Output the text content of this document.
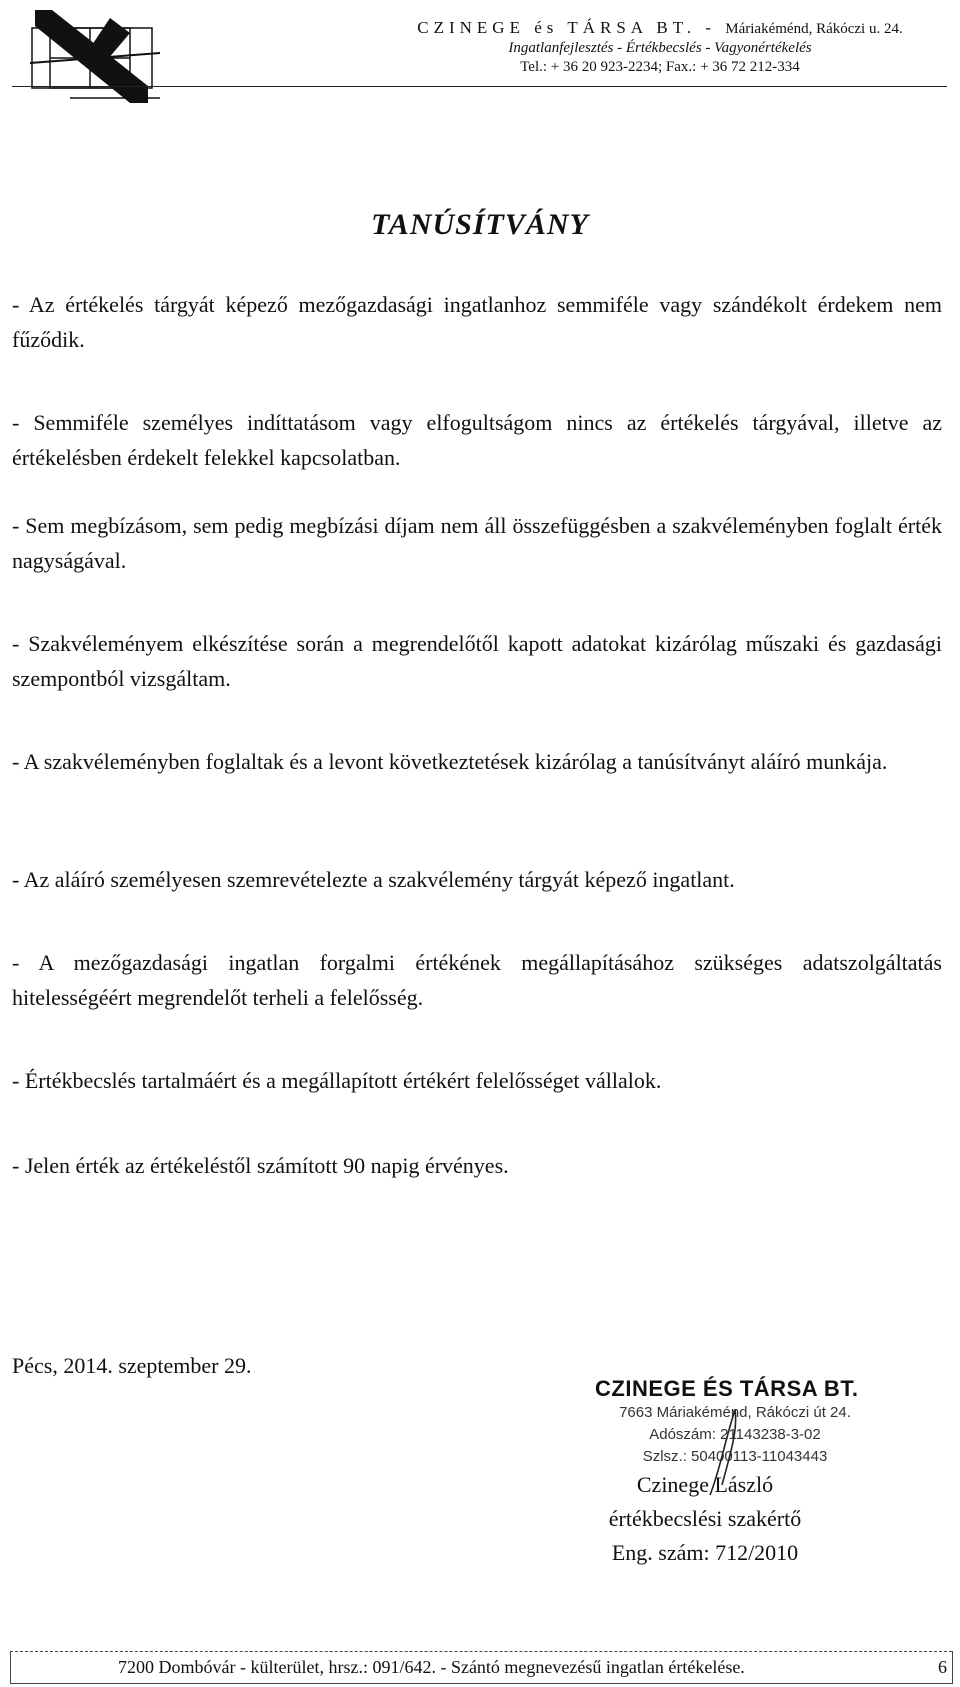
CZINEGE és TÁRSA BT. - Máriakéménd, Rákóczi u. 24.
Ingatlanfejlesztés - Értékbecslés - Vagyonértékelés
Tel.: + 36 20 923-2234; Fax.: + 36 72 212-334
TANÚSÍTVÁNY
- Az értékelés tárgyát képező mezőgazdasági ingatlanhoz semmiféle vagy szándékolt érdekem nem fűződik.
- Semmiféle személyes indíttatásom vagy elfogultságom nincs az értékelés tárgyával, illetve az értékelésben érdekelt felekkel kapcsolatban.
- Sem megbízásom, sem pedig megbízási díjam nem áll összefüggésben a szakvéleményben foglalt érték nagyságával.
- Szakvéleményem elkészítése során a megrendelőtől kapott adatokat kizárólag műszaki és gazdasági szempontból vizsgáltam.
- A szakvéleményben foglaltak és a levont következtetések kizárólag a tanúsítványt aláíró munkája.
- Az aláíró személyesen szemrevételezte a szakvélemény tárgyát képező ingatlant.
- A mezőgazdasági ingatlan forgalmi értékének megállapításához szükséges adatszolgáltatás hitelességéért megrendelőt terheli a felelősség.
- Értékbecslés tartalmáért és a megállapított értékért felelősséget vállalok.
- Jelen érték az értékeléstől számított 90 napig érvényes.
Pécs, 2014. szeptember 29.
CZINEGE ÉS TÁRSA BT.
7663 Máriakéménd, Rákóczi út 24.
Adószám: 21143238-3-02
Szlsz.: 50400113-11043443
Czinege László
értékbecslési szakértő
Eng. szám: 712/2010
7200 Dombóvár - külterület, hrsz.: 091/642. - Szántó megnevezésű ingatlan értékelése.	6
